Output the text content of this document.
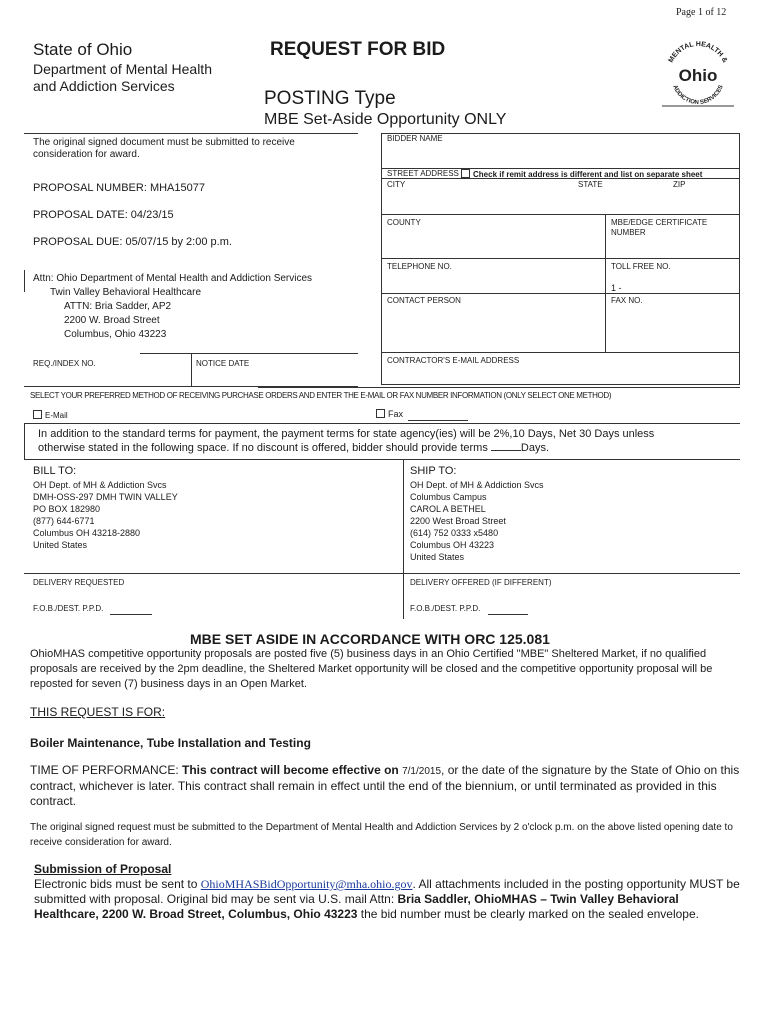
Page 1 of 12
State of Ohio
Department of Mental Health
and Addiction Services
REQUEST FOR BID
POSTING Type
MBE Set-Aside Opportunity ONLY
MENTAL HEALTH &
Ohio
ADDICTION SERVICES
The original signed document must be submitted to receive
consideration for award.
PROPOSAL NUMBER: MHA15077
PROPOSAL DATE: 04/23/15
PROPOSAL DUE: 05/07/15 by 2:00 p.m.
Attn: Ohio Department of Mental Health and Addiction Services
Twin Valley Behavioral Healthcare
ATTN: Bria Sadder, AP2
2200 W. Broad Street
Columbus, Ohio 43223
REQ./INDEX NO.	NOTICE DATE
BIDDER NAME
STREET ADDRESS	Check if remit address is different and list on separate sheet
CITY	STATE	ZIP
COUNTY	MBE/EDGE CERTIFICATE
NUMBER
TELEPHONE NO.	TOLL FREE NO.
1 -
CONTACT PERSON	FAX NO.
CONTRACTOR'S E-MAIL ADDRESS
SELECT YOUR PREFERRED METHOD OF RECEIVING PURCHASE ORDERS AND ENTER THE E-MAIL OR FAX NUMBER INFORMATION (ONLY SELECT ONE METHOD)
E-Mail	Fax
In addition to the standard terms for payment, the payment terms for state agency(ies) will be 2%,10 Days, Net 30 Days unless
otherwise stated in the following space. If no discount is offered, bidder should provide terms	Days.
BILL TO:
OH Dept. of MH & Addiction Svcs
DMH-OSS-297 DMH TWIN VALLEY
PO BOX 182980
(877) 644-6771
Columbus OH 43218-2880
United States
SHIP TO:
OH Dept. of MH & Addiction Svcs
Columbus Campus
CAROL A BETHEL
2200 West Broad Street
(614) 752 0333 x5480
Columbus OH 43223
United States
DELIVERY REQUESTED	DELIVERY OFFERED (IF DIFFERENT)
F.O.B./DEST. P.P.D.	F.O.B./DEST. P.P.D.
MBE SET ASIDE IN ACCORDANCE WITH ORC 125.081
OhioMHAS competitive opportunity proposals are posted five (5) business days in an Ohio Certified "MBE" Sheltered Market, if no qualified proposals are received by the 2pm deadline, the Sheltered Market opportunity will be closed and the competitive opportunity proposal will be reposted for seven (7) business days in an Open Market.
THIS REQUEST IS FOR:
Boiler Maintenance, Tube Installation and Testing
TIME OF PERFORMANCE: This contract will become effective on 7/1/2015, or the date of the signature by the State of Ohio on this contract, whichever is later. This contract shall remain in effect until the end of the biennium, or until terminated as provided in this contract.
The original signed request must be submitted to the Department of Mental Health and Addiction Services by 2 o'clock p.m. on the above listed opening date to receive consideration for award.
Submission of Proposal
Electronic bids must be sent to OhioMHASBidOpportunity@mha.ohio.gov. All attachments included in the posting opportunity MUST be submitted with proposal. Original bid may be sent via U.S. mail Attn: Bria Saddler, OhioMHAS – Twin Valley Behavioral Healthcare, 2200 W. Broad Street, Columbus, Ohio 43223 the bid number must be clearly marked on the sealed envelope.
